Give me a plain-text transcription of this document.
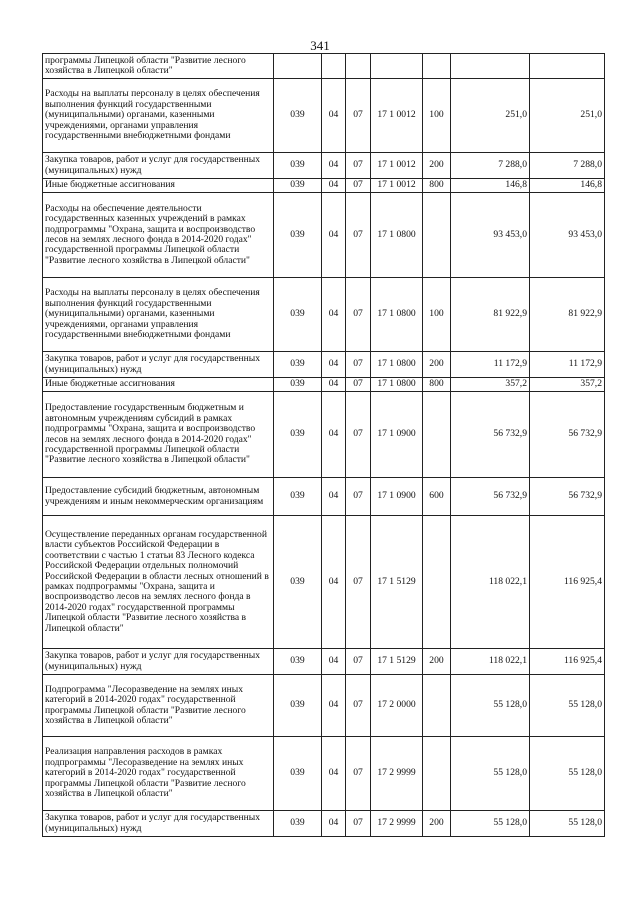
341
программы Липецкой области "Развитие лесного хозяйства в Липецкой области"							
Расходы на выплаты персоналу в целях обеспечения выполнения функций государственными (муниципальными) органами, казенными учреждениями, органами управления государственными внебюджетными фондами	039	04	07	17 1 0012	100	251,0	251,0
Закупка товаров, работ и услуг для государственных (муниципальных) нужд	039	04	07	17 1 0012	200	7 288,0	7 288,0
Иные бюджетные ассигнования	039	04	07	17 1 0012	800	146,8	146,8
Расходы на обеспечение деятельности государственных казенных учреждений в рамках подпрограммы "Охрана, защита и воспроизводство лесов на землях лесного фонда в 2014-2020 годах" государственной программы Липецкой области "Развитие лесного хозяйства в Липецкой области"	039	04	07	17 1 0800		93 453,0	93 453,0
Расходы на выплаты персоналу в целях обеспечения выполнения функций государственными (муниципальными) органами, казенными учреждениями, органами управления государственными внебюджетными фондами	039	04	07	17 1 0800	100	81 922,9	81 922,9
Закупка товаров, работ и услуг для государственных (муниципальных) нужд	039	04	07	17 1 0800	200	11 172,9	11 172,9
Иные бюджетные ассигнования	039	04	07	17 1 0800	800	357,2	357,2
Предоставление государственным бюджетным и автономным учреждениям субсидий в рамках подпрограммы "Охрана, защита и воспроизводство лесов на землях лесного фонда в 2014-2020 годах" государственной программы Липецкой области "Развитие лесного хозяйства в Липецкой области"	039	04	07	17 1 0900		56 732,9	56 732,9
Предоставление субсидий бюджетным, автономным учреждениям и иным некоммерческим организациям	039	04	07	17 1 0900	600	56 732,9	56 732,9
Осуществление переданных органам государственной власти субъектов Российской Федерации в соответствии с частью 1 статьи 83 Лесного кодекса Российской Федерации отдельных полномочий Российской Федерации в области лесных отношений в рамках подпрограммы "Охрана, защита и воспроизводство лесов на землях лесного фонда в 2014-2020 годах" государственной программы Липецкой области "Развитие лесного хозяйства в Липецкой области"	039	04	07	17 1 5129		118 022,1	116 925,4
Закупка товаров, работ и услуг для государственных (муниципальных) нужд	039	04	07	17 1 5129	200	118 022,1	116 925,4
Подпрограмма "Лесоразведение на землях иных категорий в 2014-2020 годах" государственной программы Липецкой области "Развитие лесного хозяйства в Липецкой области"	039	04	07	17 2 0000		55 128,0	55 128,0
Реализация направления расходов в рамках подпрограммы "Лесоразведение на землях иных категорий в 2014-2020 годах" государственной программы Липецкой области "Развитие лесного хозяйства в Липецкой области"	039	04	07	17 2 9999		55 128,0	55 128,0
Закупка товаров, работ и услуг для государственных (муниципальных) нужд	039	04	07	17 2 9999	200	55 128,0	55 128,0
